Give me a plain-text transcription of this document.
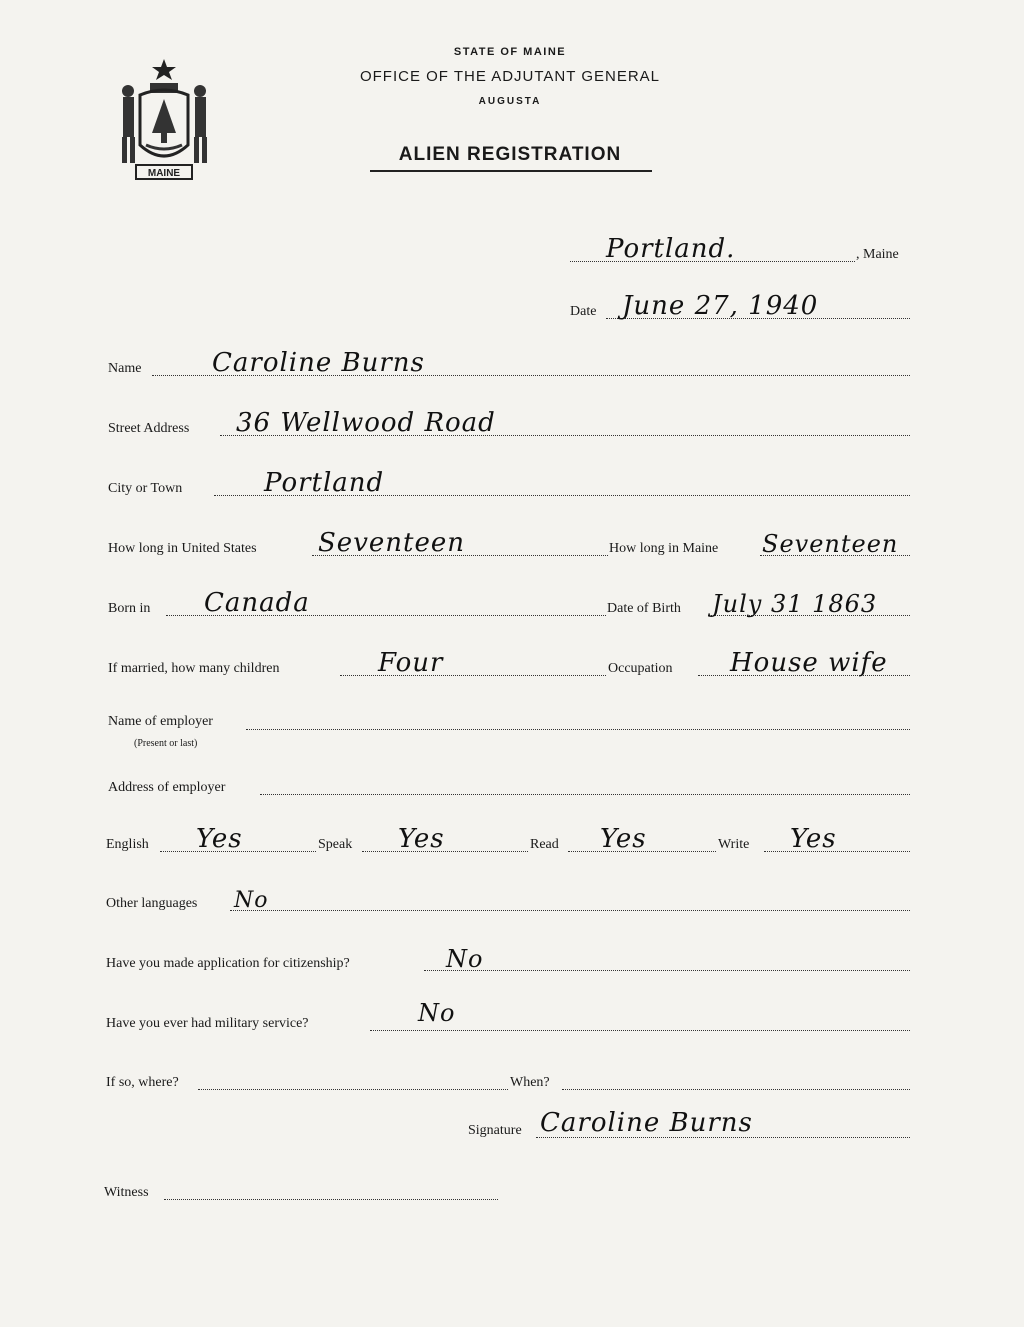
MAINE
STATE OF MAINE
OFFICE OF THE ADJUTANT GENERAL
AUGUSTA
ALIEN REGISTRATION
Portland.	, Maine
Date June 27, 1940
Name	Caroline Burns
Street Address 36 Wellwood Road
City or Town	Portland
How long in United States Seventeen	How long in Maine Seventeen
Born in Canada	Date of Birth July 31 1863
If married, how many children	Four	Occupation House wife
Name of employer
(Present or last)
Address of employer
English Yes	Speak Yes	Read Yes	Write Yes
Other languages No
Have you made application for citizenship?	No
Have you ever had military service?	No
If so, where?	When?
Signature Caroline Burns
Witness
